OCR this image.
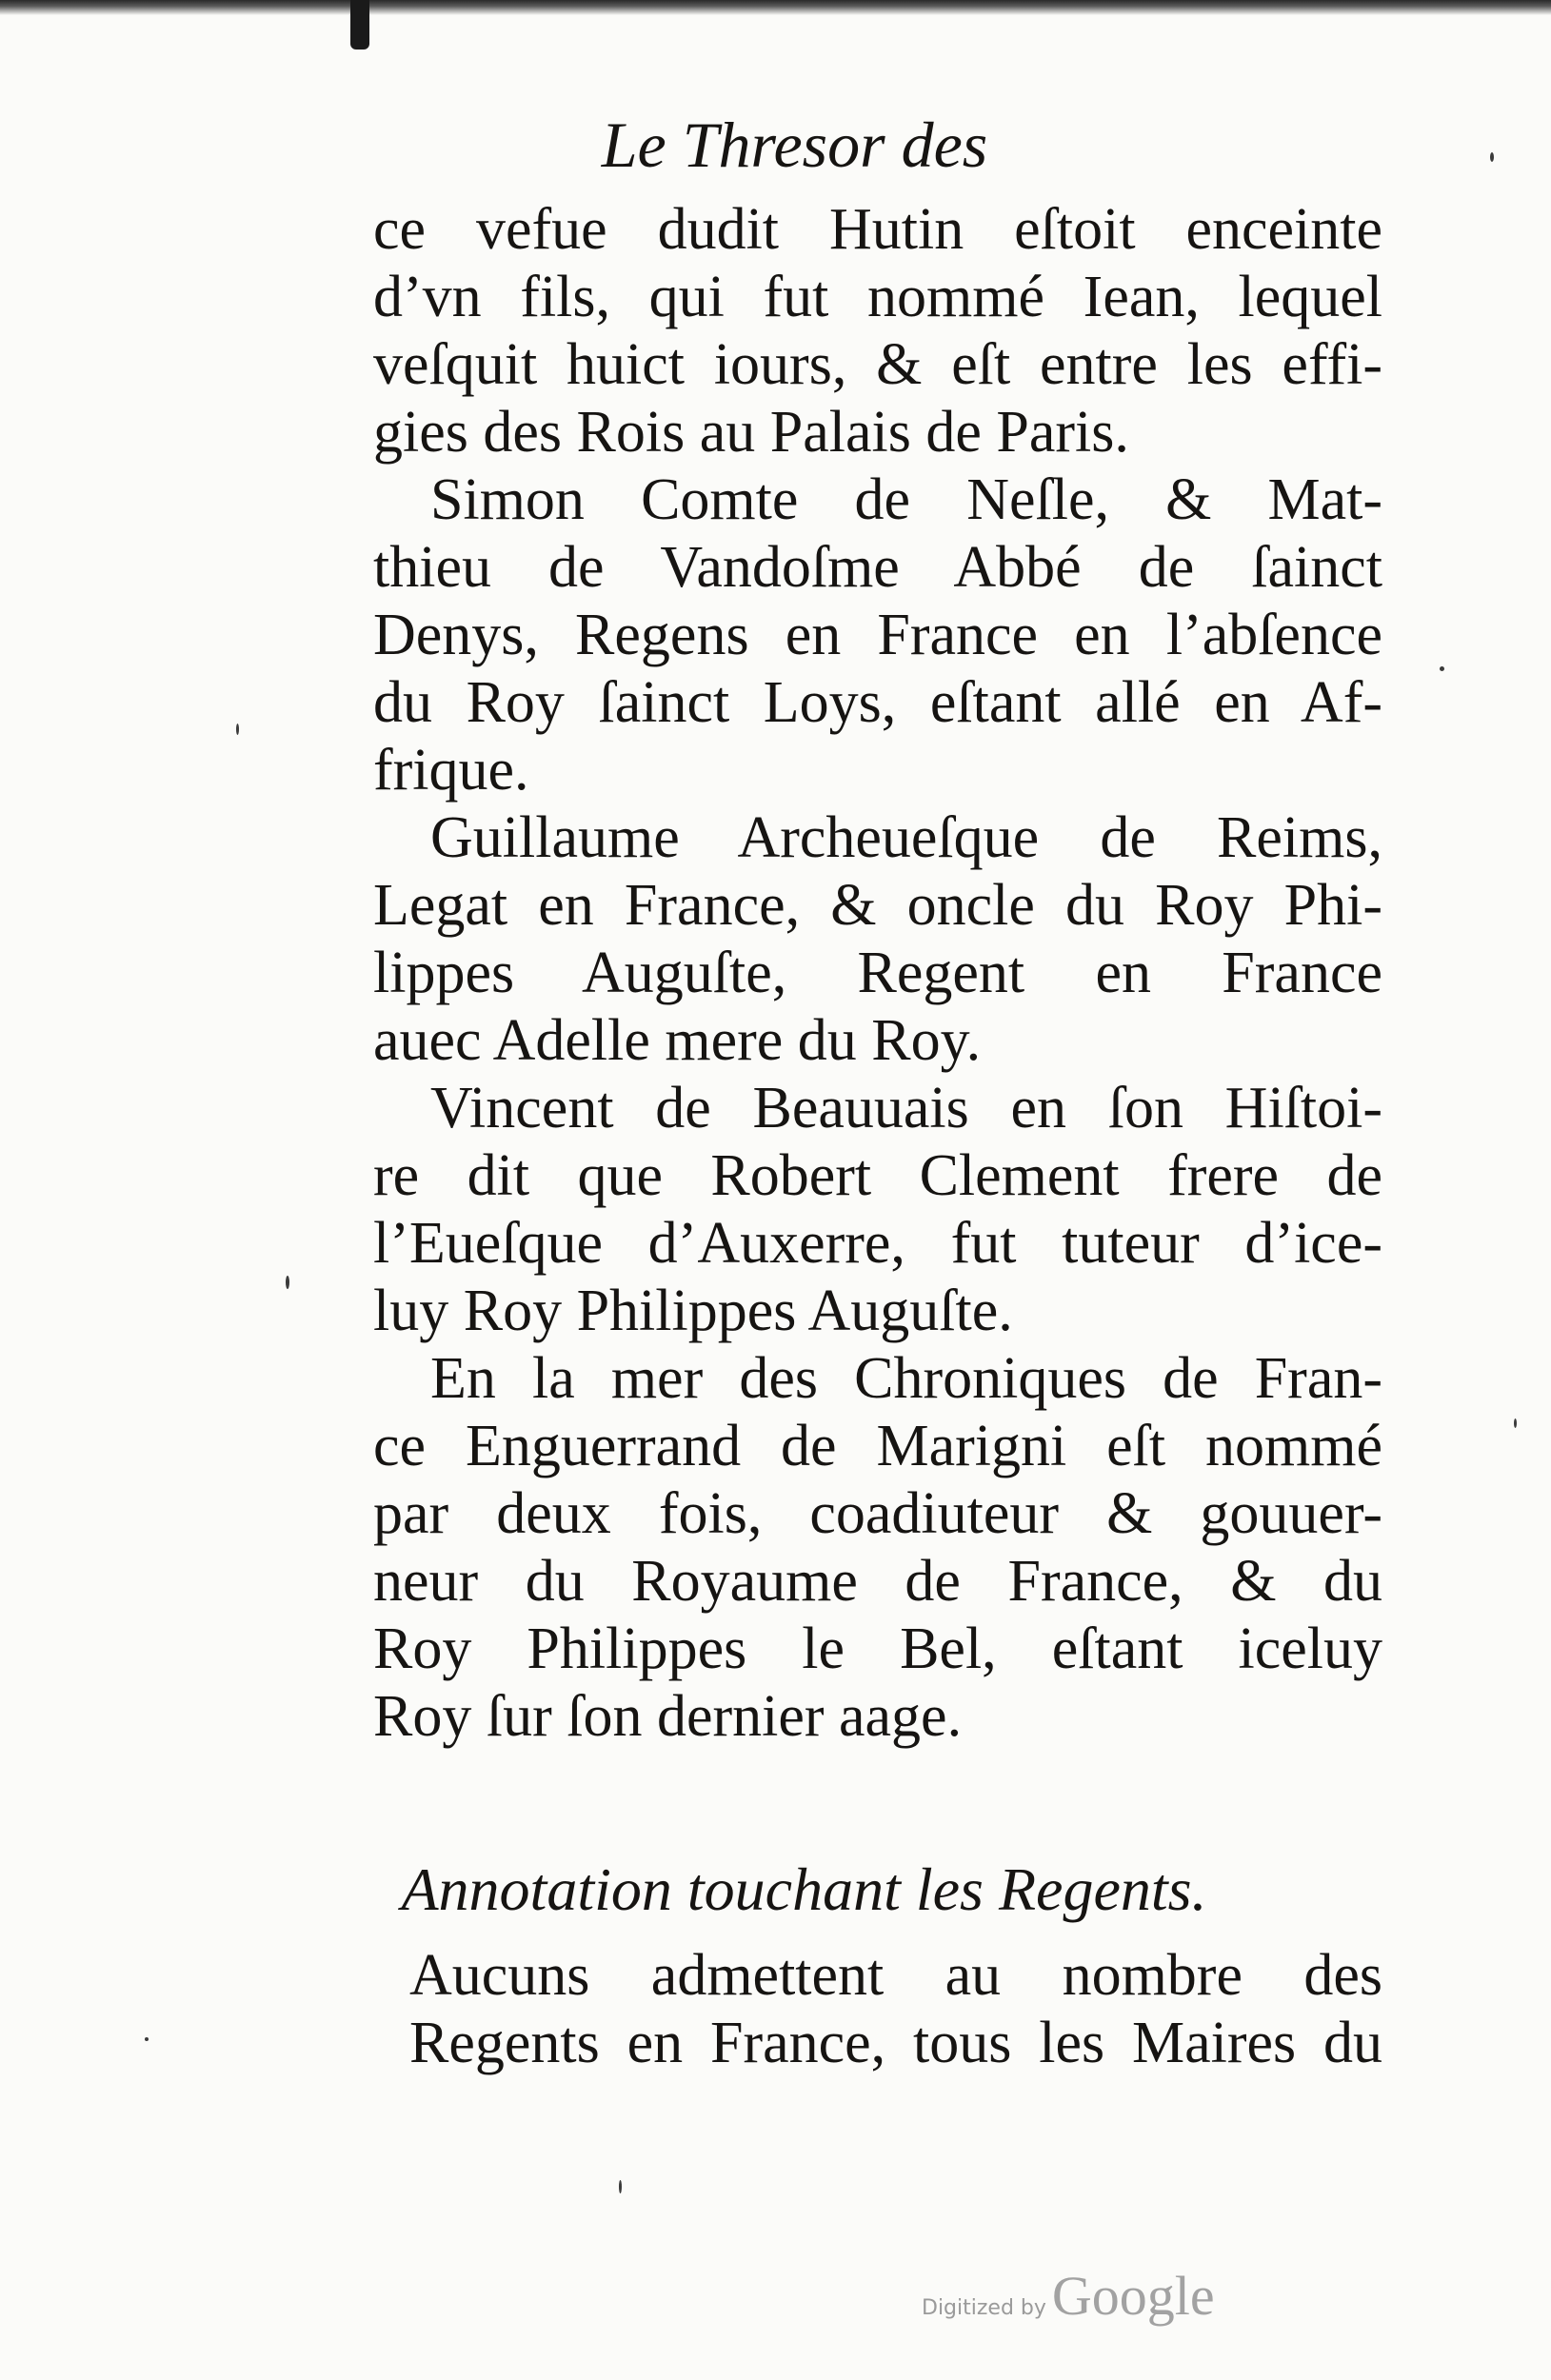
Le Thresor des

ce vefue dudit Hutin eſtoit enceinte
d’vn fils, qui fut nommé Iean, lequel
veſquit huict iours, & eſt entre les effi-
gies des Rois au Palais de Paris.

Simon Comte de Neſle, & Mat-
thieu de Vandoſme Abbé de ſainct
Denys, Regens en France en l’abſence
du Roy ſainct Loys, eſtant allé en Af-
frique.

Guillaume Archeueſque de Reims,
Legat en France, & oncle du Roy Phi-
lippes Auguſte, Regent en France
auec Adelle mere du Roy.

Vincent de Beauuais en ſon Hiſtoi-
re dit que Robert Clement frere de
l’Eueſque d’Auxerre, fut tuteur d’ice-
luy Roy Philippes Auguſte.

En la mer des Chroniques de Fran-
ce Enguerrand de Marigni eſt nommé
par deux fois, coadiuteur & gouuer-
neur du Royaume de France, & du
Roy Philippes le Bel, eſtant iceluy
Roy ſur ſon dernier aage.

Annotation touchant les Regents.
Aucuns admettent au nombre des
Regents en France, tous les Maires du
Digitized by Google
